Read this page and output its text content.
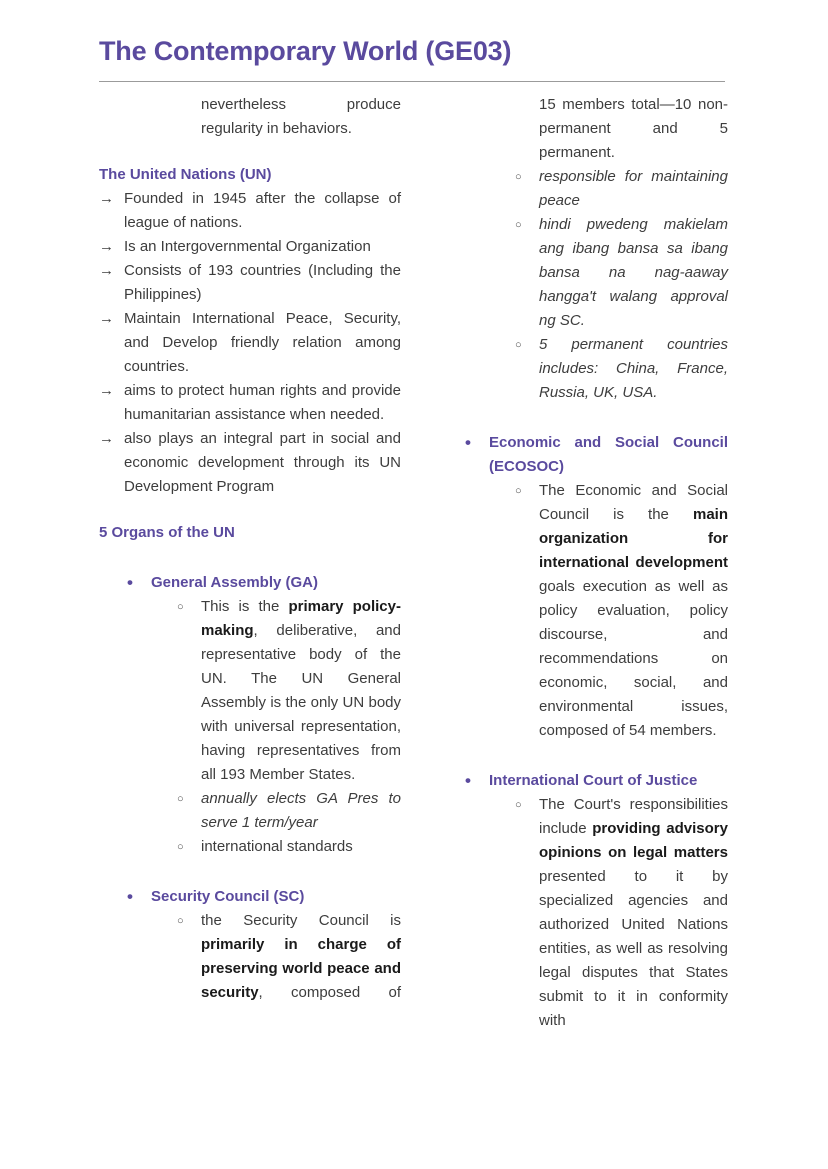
The Contemporary World (GE03)
nevertheless produce regularity in behaviors.
The United Nations (UN)
→ Founded in 1945 after the collapse of league of nations.
→ Is an Intergovernmental Organization
→ Consists of 193 countries (Including the Philippines)
→ Maintain International Peace, Security, and Develop friendly relation among countries.
→ aims to protect human rights and provide humanitarian assistance when needed.
→ also plays an integral part in social and economic development through its UN Development Program
5 Organs of the UN
• General Assembly (GA)
○ This is the primary policy-making, deliberative, and representative body of the UN. The UN General Assembly is the only UN body with universal representation, having representatives from all 193 Member States.
○ annually elects GA Pres to serve 1 term/year
○ international standards
• Security Council (SC)
○ the Security Council is primarily in charge of preserving world peace and security, composed of
15 members total—10 non-permanent and 5 permanent.
○ responsible for maintaining peace
○ hindi pwedeng makielam ang ibang bansa sa ibang bansa na nag-aaway hangga't walang approval ng SC.
○ 5 permanent countries includes: China, France, Russia, UK, USA.
• Economic and Social Council (ECOSOC)
○ The Economic and Social Council is the main organization for international development goals execution as well as policy evaluation, policy discourse, and recommendations on economic, social, and environmental issues, composed of 54 members.
• International Court of Justice
○ The Court's responsibilities include providing advisory opinions on legal matters presented to it by specialized agencies and authorized United Nations entities, as well as resolving legal disputes that States submit to it in conformity with
